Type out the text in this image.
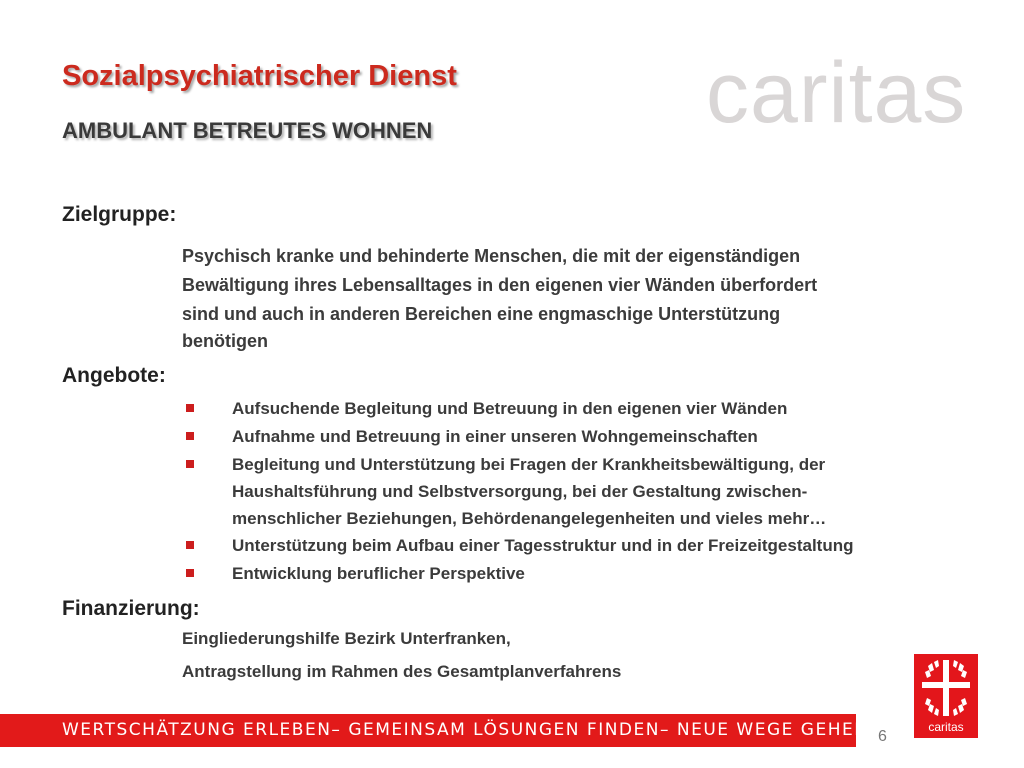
Sozialpsychiatrischer Dienst
AMBULANT BETREUTES WOHNEN	caritas
Zielgruppe:
Psychisch kranke und behinderte Menschen, die mit der eigenständigen
Bewältigung ihres Lebensalltages in den eigenen vier Wänden überfordert
sind und auch in anderen Bereichen eine engmaschige Unterstützung
benötigen
Angebote:
Aufsuchende Begleitung und Betreuung in den eigenen vier Wänden
Aufnahme und Betreuung in einer unseren Wohngemeinschaften
Begleitung und Unterstützung bei Fragen der Krankheitsbewältigung, der
Haushaltsführung und Selbstversorgung, bei der Gestaltung zwischen-
menschlicher Beziehungen, Behördenangelegenheiten und vieles mehr…
Unterstützung beim Aufbau einer Tagesstruktur und in der Freizeitgestaltung
Entwicklung beruflicher Perspektive
Finanzierung:
Eingliederungshilfe Bezirk Unterfranken,
Antragstellung im Rahmen des Gesamtplanverfahrens
WERTSCHÄTZUNG ERLEBEN– GEMEINSAM LÖSUNGEN FINDEN– NEUE WEGE GEHEN 6
caritas
